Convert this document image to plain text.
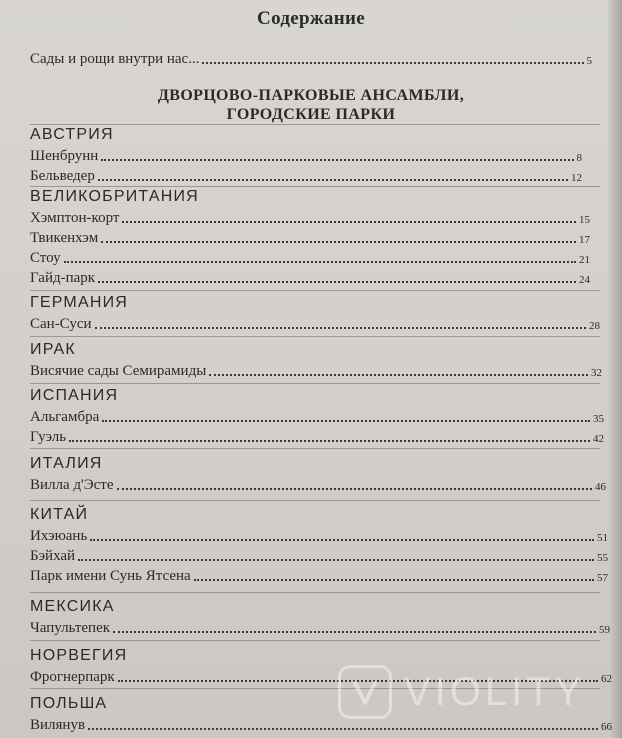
Содержание
Сады и рощи внутри нас...	5
ДВОРЦОВО-ПАРКОВЫЕ АНСАМБЛИ,
ГОРОДСКИЕ ПАРКИ
АВСТРИЯ
Шенбрунн	8
Бельведер	12
ВЕЛИКОБРИТАНИЯ
Хэмптон-корт	15
Твикенхэм	17
Стоу	21
Гайд-парк	24
ГЕРМАНИЯ
Сан-Суси	28
ИРАК
Висячие сады Семирамиды	32
ИСПАНИЯ
Альгамбра	35
Гуэль	42
ИТАЛИЯ
Вилла д'Эсте	46
КИТАЙ
Ихэюань	51
Бэйхай	55
Парк имени Сунь Ятсена	57
МЕКСИКА
Чапультепек	59
НОРВЕГИЯ
Фрогнерпарк	62
ПОЛЬША
Вилянув	66
VIOLITY
